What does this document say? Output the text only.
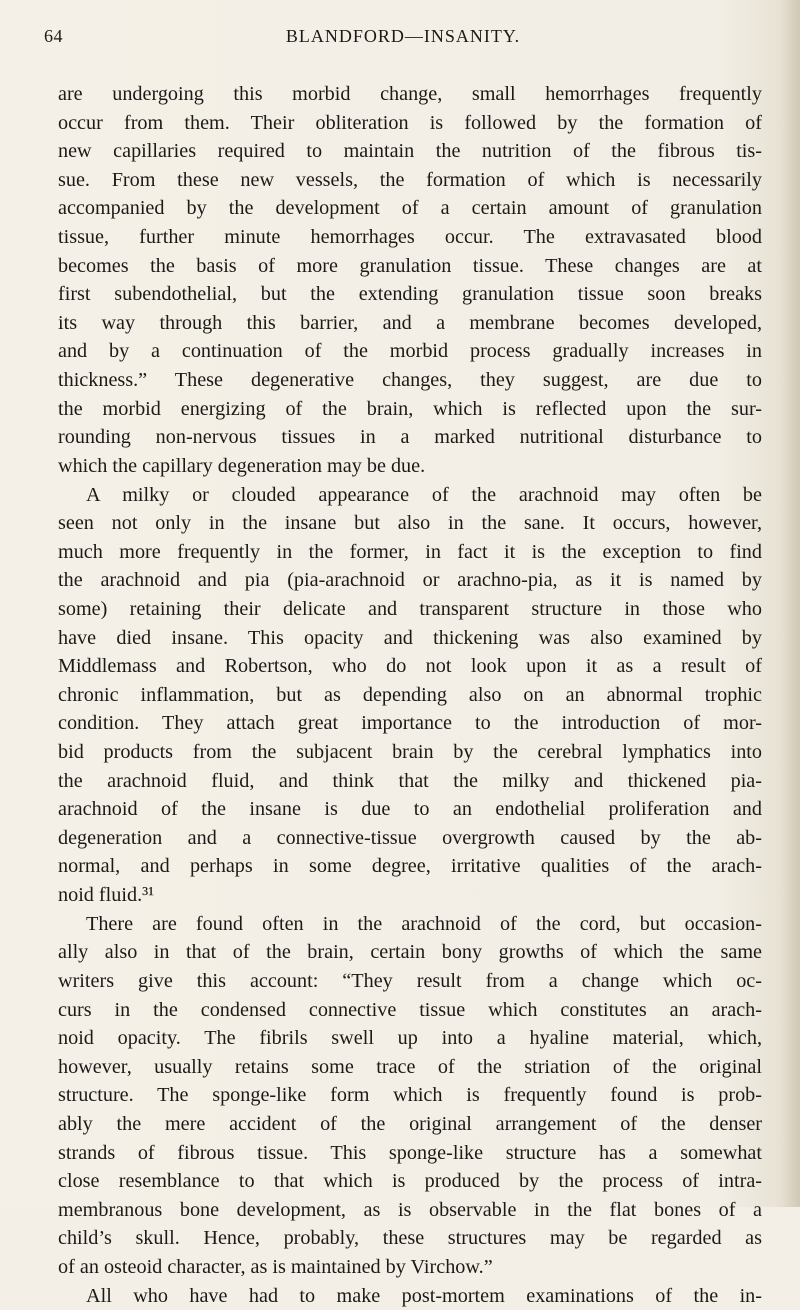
64	BLANDFORD—INSANITY.
are undergoing this morbid change, small hemorrhages frequently
occur from them. Their obliteration is followed by the formation of
new capillaries required to maintain the nutrition of the fibrous tis-
sue. From these new vessels, the formation of which is necessarily
accompanied by the development of a certain amount of granulation
tissue, further minute hemorrhages occur. The extravasated blood
becomes the basis of more granulation tissue. These changes are at
first subendothelial, but the extending granulation tissue soon breaks
its way through this barrier, and a membrane becomes developed,
and by a continuation of the morbid process gradually increases in
thickness.” These degenerative changes, they suggest, are due to
the morbid energizing of the brain, which is reflected upon the sur-
rounding non-nervous tissues in a marked nutritional disturbance to
which the capillary degeneration may be due.
A milky or clouded appearance of the arachnoid may often be
seen not only in the insane but also in the sane. It occurs, however,
much more frequently in the former, in fact it is the exception to find
the arachnoid and pia (pia-arachnoid or arachno-pia, as it is named by
some) retaining their delicate and transparent structure in those who
have died insane. This opacity and thickening was also examined by
Middlemass and Robertson, who do not look upon it as a result of
chronic inflammation, but as depending also on an abnormal trophic
condition. They attach great importance to the introduction of mor-
bid products from the subjacent brain by the cerebral lymphatics into
the arachnoid fluid, and think that the milky and thickened pia-
arachnoid of the insane is due to an endothelial proliferation and
degeneration and a connective-tissue overgrowth caused by the ab-
normal, and perhaps in some degree, irritative qualities of the arach-
noid fluid.³¹
There are found often in the arachnoid of the cord, but occasion-
ally also in that of the brain, certain bony growths of which the same
writers give this account: “They result from a change which oc-
curs in the condensed connective tissue which constitutes an arach-
noid opacity. The fibrils swell up into a hyaline material, which,
however, usually retains some trace of the striation of the original
structure. The sponge-like form which is frequently found is prob-
ably the mere accident of the original arrangement of the denser
strands of fibrous tissue. This sponge-like structure has a somewhat
close resemblance to that which is produced by the process of intra-
membranous bone development, as is observable in the flat bones of a
child’s skull. Hence, probably, these structures may be regarded as
of an osteoid character, as is maintained by Virchow.”
All who have had to make post-mortem examinations of the in-
